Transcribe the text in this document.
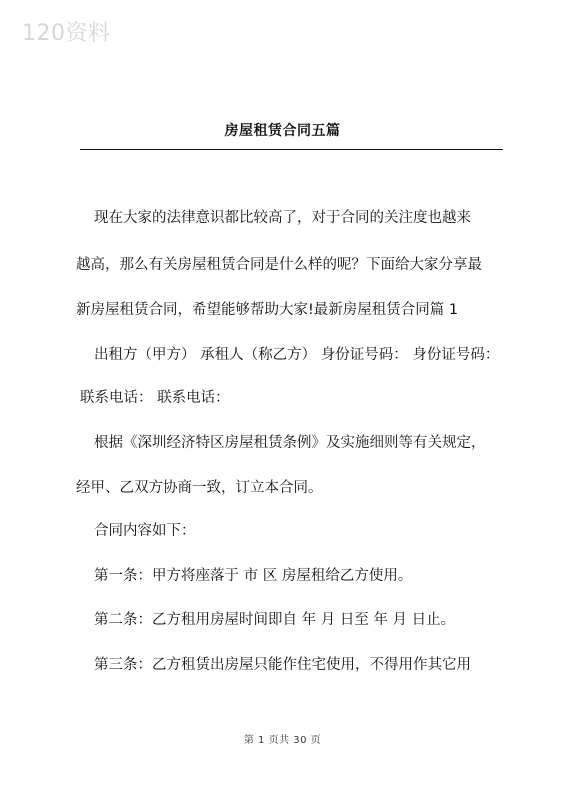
120资料
房屋租赁合同五篇
现在大家的法律意识都比较高了，对于合同的关注度也越来
越高，那么有关房屋租赁合同是什么样的呢？下面给大家分享最
新房屋租赁合同，希望能够帮助大家!最新房屋租赁合同篇 1
出租方（甲方） 承租人（称乙方） 身份证号码： 身份证号码：
联系电话： 联系电话：
根据《深圳经济特区房屋租赁条例》及实施细则等有关规定，
经甲、乙双方协商一致，订立本合同。
合同内容如下：
第一条：甲方将座落于 市 区 房屋租给乙方使用。
第二条：乙方租用房屋时间即自 年 月 日至 年 月 日止。
第三条：乙方租赁出房屋只能作住宅使用，不得用作其它用
第 1 页共 30 页
